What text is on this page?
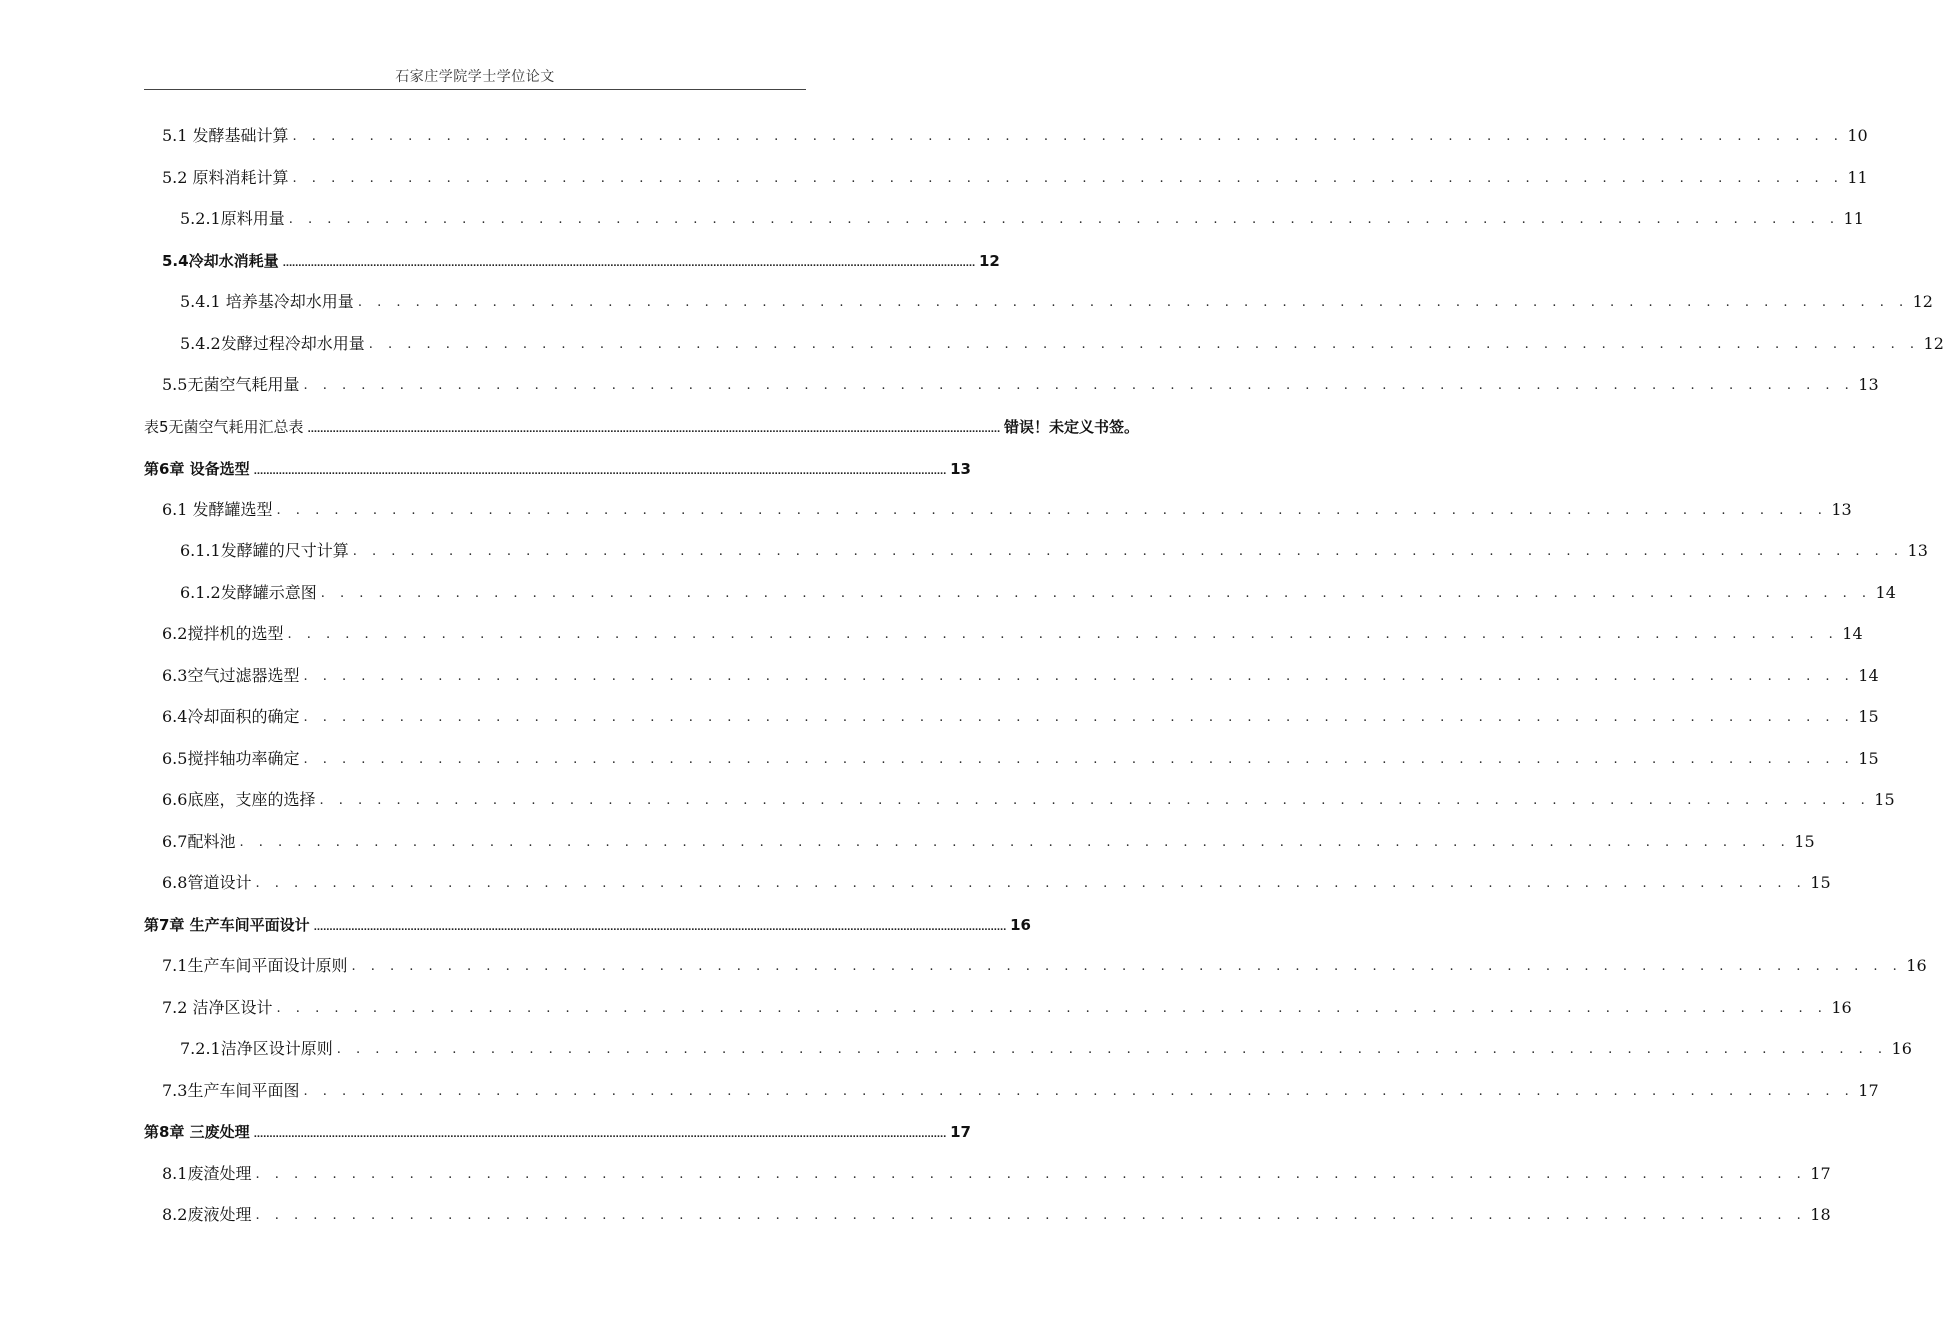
石家庄学院学士学位论文
5.1 发酵基础计算 . . . . . . . . . . . . . . . . . . . . . . . . . . . . . . . . . . . . . . . . . . . . . . . . . . . . . . . . . . . . . . . . . . . . . . . . . . . . . . . . . 10
5.2 原料消耗计算 . . . . . . . . . . . . . . . . . . . . . . . . . . . . . . . . . . . . . . . . . . . . . . . . . . . . . . . . . . . . . . . . . . . . . . . . . . . . . . . . . 11
5.2.1原料用量 . . . . . . . . . . . . . . . . . . . . . . . . . . . . . . . . . . . . . . . . . . . . . . . . . . . . . . . . . . . . . . . . . . . . . . . . . . . . . . . . . 11
5.4冷却水消耗量 .............................................................................................................................................................................................................................. 12
5.4.1 培养基冷却水用量 . . . . . . . . . . . . . . . . . . . . . . . . . . . . . . . . . . . . . . . . . . . . . . . . . . . . . . . . . . . . . . . . . . . . . . . . . . . . . . . . . 12
5.4.2发酵过程冷却水用量 . . . . . . . . . . . . . . . . . . . . . . . . . . . . . . . . . . . . . . . . . . . . . . . . . . . . . . . . . . . . . . . . . . . . . . . . . . . . . . . . . 12
5.5无菌空气耗用量 . . . . . . . . . . . . . . . . . . . . . . . . . . . . . . . . . . . . . . . . . . . . . . . . . . . . . . . . . . . . . . . . . . . . . . . . . . . . . . . . . 13
表5无菌空气耗用汇总表 .............................................................................................................................................................................................................................. 错误！未定义书签。
第6章 设备选型 .............................................................................................................................................................................................................................. 13
6.1 发酵罐选型 . . . . . . . . . . . . . . . . . . . . . . . . . . . . . . . . . . . . . . . . . . . . . . . . . . . . . . . . . . . . . . . . . . . . . . . . . . . . . . . . . 13
6.1.1发酵罐的尺寸计算 . . . . . . . . . . . . . . . . . . . . . . . . . . . . . . . . . . . . . . . . . . . . . . . . . . . . . . . . . . . . . . . . . . . . . . . . . . . . . . . . . 13
6.1.2发酵罐示意图 . . . . . . . . . . . . . . . . . . . . . . . . . . . . . . . . . . . . . . . . . . . . . . . . . . . . . . . . . . . . . . . . . . . . . . . . . . . . . . . . . 14
6.2搅拌机的选型 . . . . . . . . . . . . . . . . . . . . . . . . . . . . . . . . . . . . . . . . . . . . . . . . . . . . . . . . . . . . . . . . . . . . . . . . . . . . . . . . . 14
6.3空气过滤器选型 . . . . . . . . . . . . . . . . . . . . . . . . . . . . . . . . . . . . . . . . . . . . . . . . . . . . . . . . . . . . . . . . . . . . . . . . . . . . . . . . . 14
6.4冷却面积的确定 . . . . . . . . . . . . . . . . . . . . . . . . . . . . . . . . . . . . . . . . . . . . . . . . . . . . . . . . . . . . . . . . . . . . . . . . . . . . . . . . . 15
6.5搅拌轴功率确定 . . . . . . . . . . . . . . . . . . . . . . . . . . . . . . . . . . . . . . . . . . . . . . . . . . . . . . . . . . . . . . . . . . . . . . . . . . . . . . . . . 15
6.6底座，支座的选择 . . . . . . . . . . . . . . . . . . . . . . . . . . . . . . . . . . . . . . . . . . . . . . . . . . . . . . . . . . . . . . . . . . . . . . . . . . . . . . . . . 15
6.7配料池 . . . . . . . . . . . . . . . . . . . . . . . . . . . . . . . . . . . . . . . . . . . . . . . . . . . . . . . . . . . . . . . . . . . . . . . . . . . . . . . . . 15
6.8管道设计 . . . . . . . . . . . . . . . . . . . . . . . . . . . . . . . . . . . . . . . . . . . . . . . . . . . . . . . . . . . . . . . . . . . . . . . . . . . . . . . . . 15
第7章 生产车间平面设计 .............................................................................................................................................................................................................................. 16
7.1生产车间平面设计原则 . . . . . . . . . . . . . . . . . . . . . . . . . . . . . . . . . . . . . . . . . . . . . . . . . . . . . . . . . . . . . . . . . . . . . . . . . . . . . . . . . 16
7.2 洁净区设计 . . . . . . . . . . . . . . . . . . . . . . . . . . . . . . . . . . . . . . . . . . . . . . . . . . . . . . . . . . . . . . . . . . . . . . . . . . . . . . . . . 16
7.2.1洁净区设计原则 . . . . . . . . . . . . . . . . . . . . . . . . . . . . . . . . . . . . . . . . . . . . . . . . . . . . . . . . . . . . . . . . . . . . . . . . . . . . . . . . . 16
7.3生产车间平面图 . . . . . . . . . . . . . . . . . . . . . . . . . . . . . . . . . . . . . . . . . . . . . . . . . . . . . . . . . . . . . . . . . . . . . . . . . . . . . . . . . 17
第8章 三废处理 .............................................................................................................................................................................................................................. 17
8.1废渣处理 . . . . . . . . . . . . . . . . . . . . . . . . . . . . . . . . . . . . . . . . . . . . . . . . . . . . . . . . . . . . . . . . . . . . . . . . . . . . . . . . . 17
8.2废液处理 . . . . . . . . . . . . . . . . . . . . . . . . . . . . . . . . . . . . . . . . . . . . . . . . . . . . . . . . . . . . . . . . . . . . . . . . . . . . . . . . . 18
